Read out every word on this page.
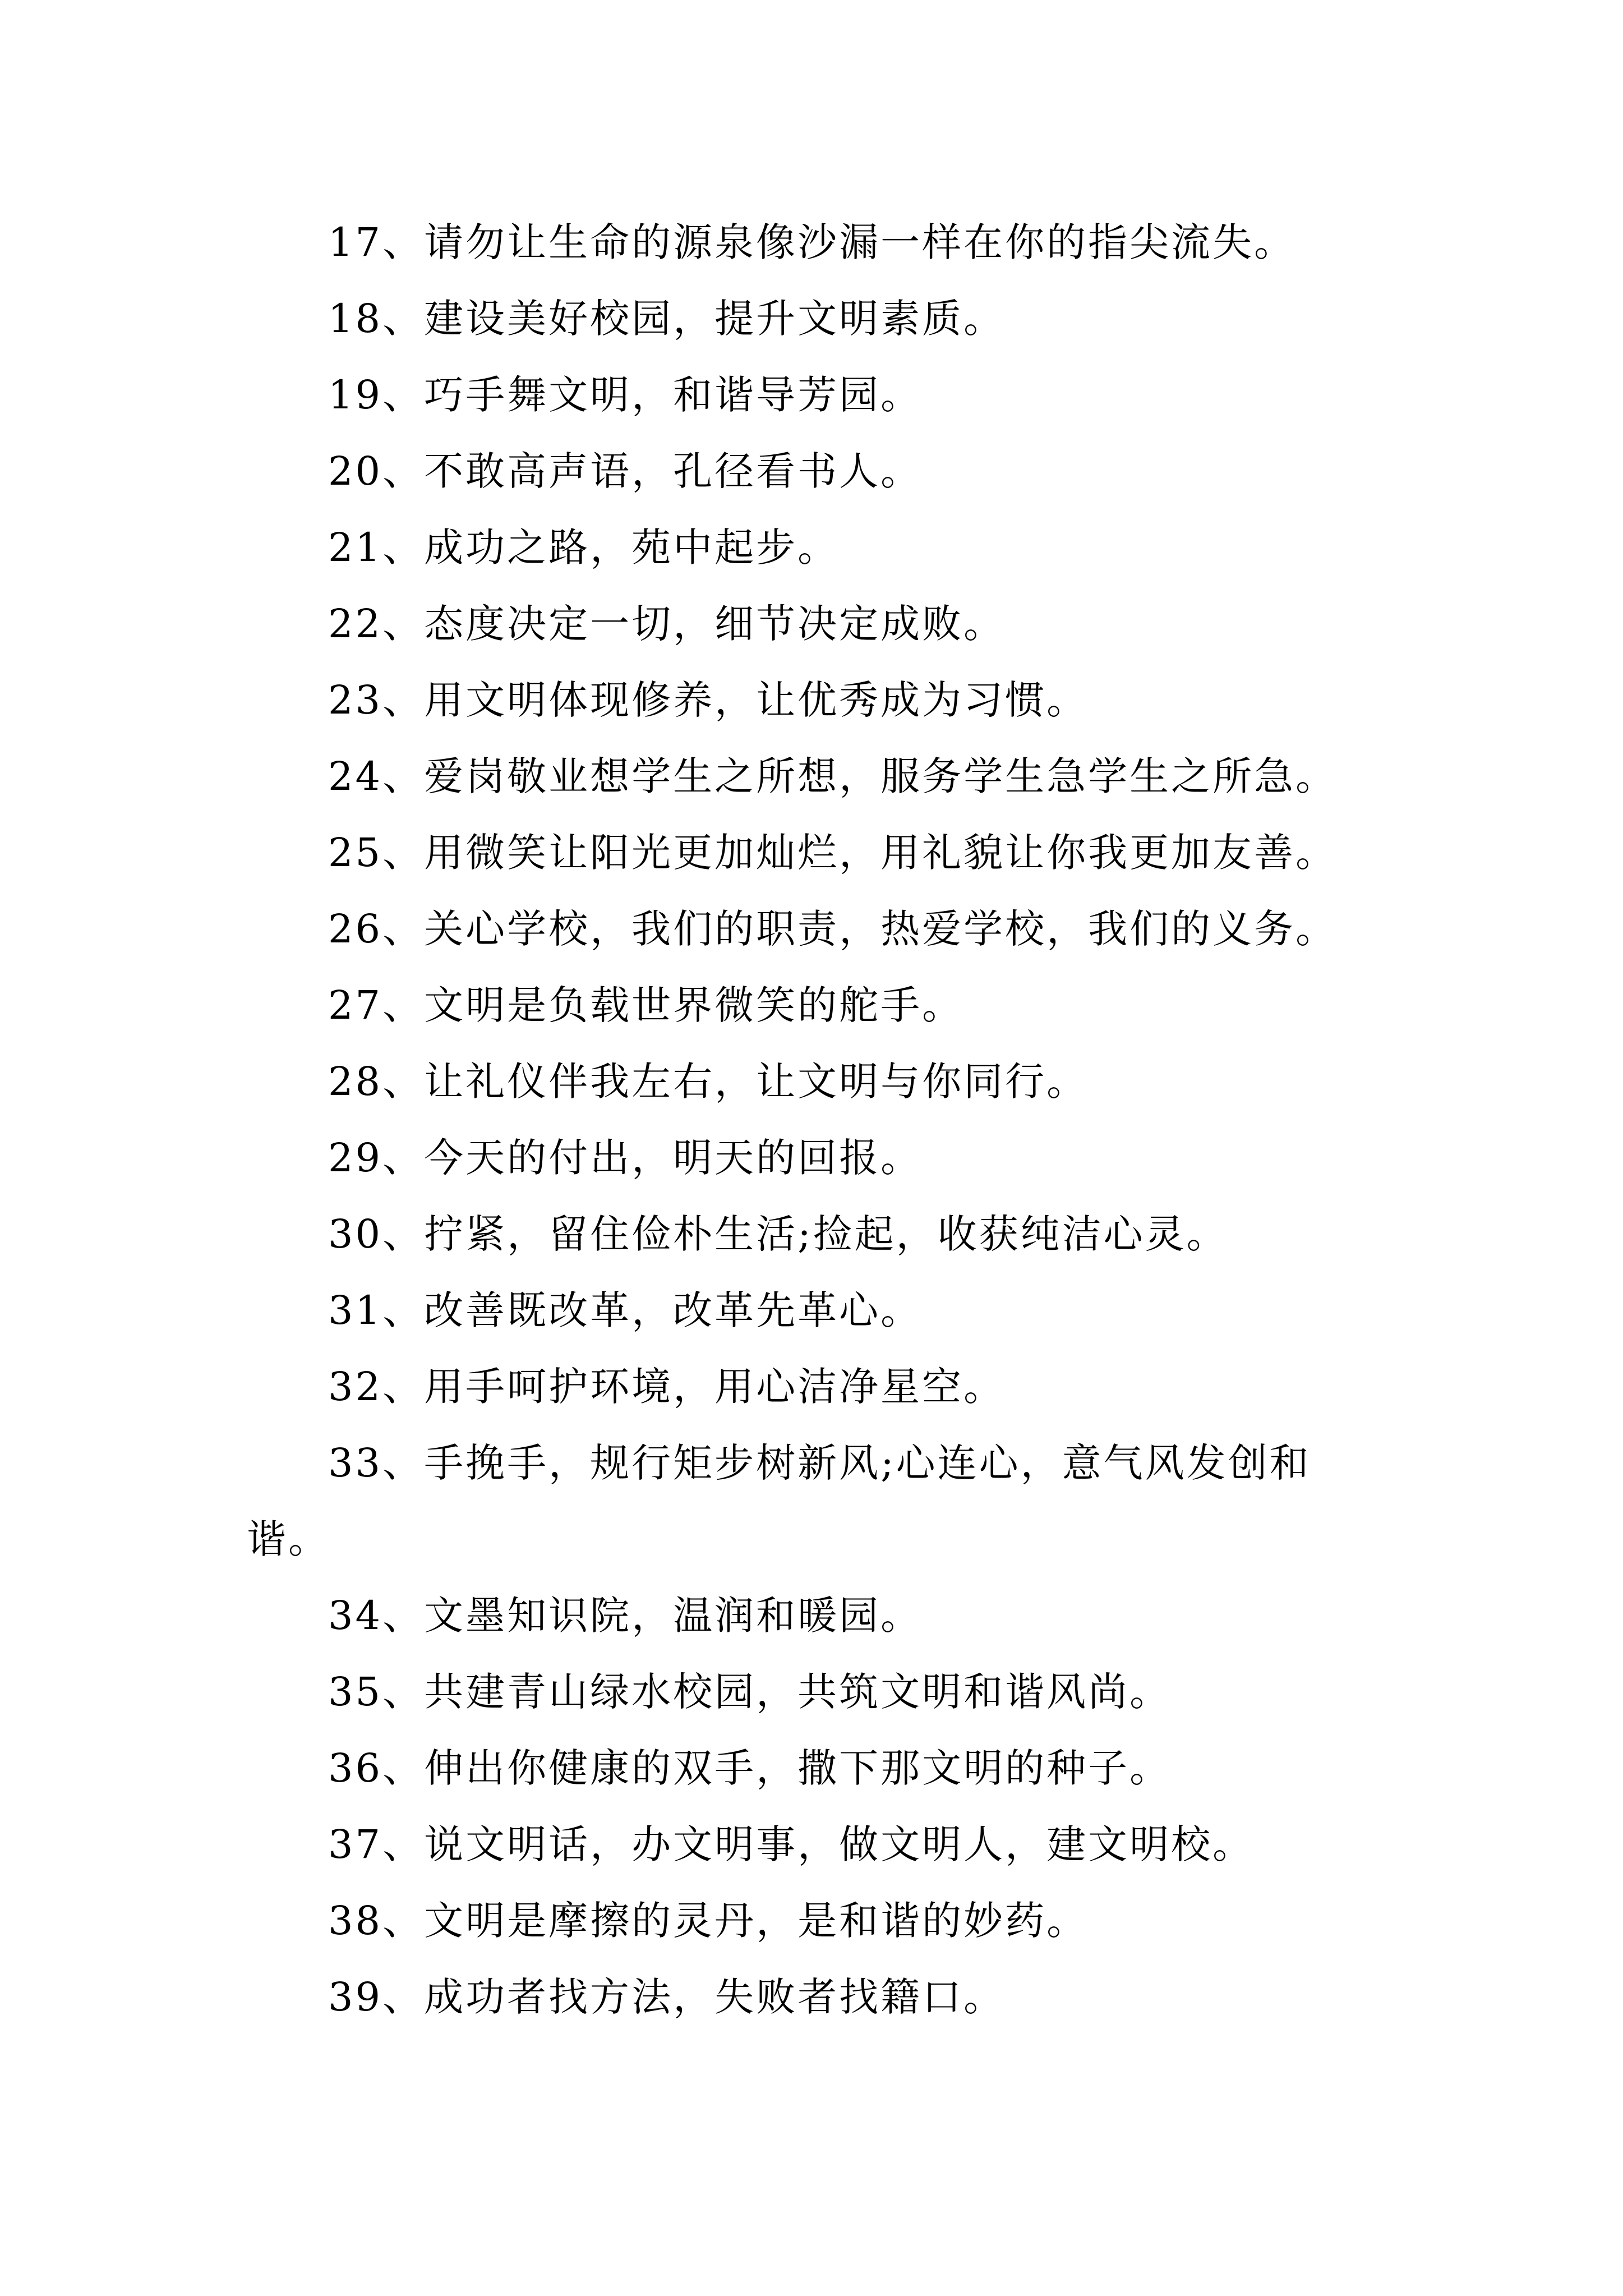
17、请勿让生命的源泉像沙漏一样在你的指尖流失。
18、建设美好校园，提升文明素质。
19、巧手舞文明，和谐导芳园。
20、不敢高声语，孔径看书人。
21、成功之路，苑中起步。
22、态度决定一切，细节决定成败。
23、用文明体现修养，让优秀成为习惯。
24、爱岗敬业想学生之所想，服务学生急学生之所急。
25、用微笑让阳光更加灿烂，用礼貌让你我更加友善。
26、关心学校，我们的职责，热爱学校，我们的义务。
27、文明是负载世界微笑的舵手。
28、让礼仪伴我左右，让文明与你同行。
29、今天的付出，明天的回报。
30、拧紧，留住俭朴生活;捡起，收获纯洁心灵。
31、改善既改革，改革先革心。
32、用手呵护环境，用心洁净星空。
33、手挽手，规行矩步树新风;心连心，意气风发创和
谐。
34、文墨知识院，温润和暖园。
35、共建青山绿水校园，共筑文明和谐风尚。
36、伸出你健康的双手，撒下那文明的种子。
37、说文明话，办文明事，做文明人，建文明校。
38、文明是摩擦的灵丹，是和谐的妙药。
39、成功者找方法，失败者找籍口。
